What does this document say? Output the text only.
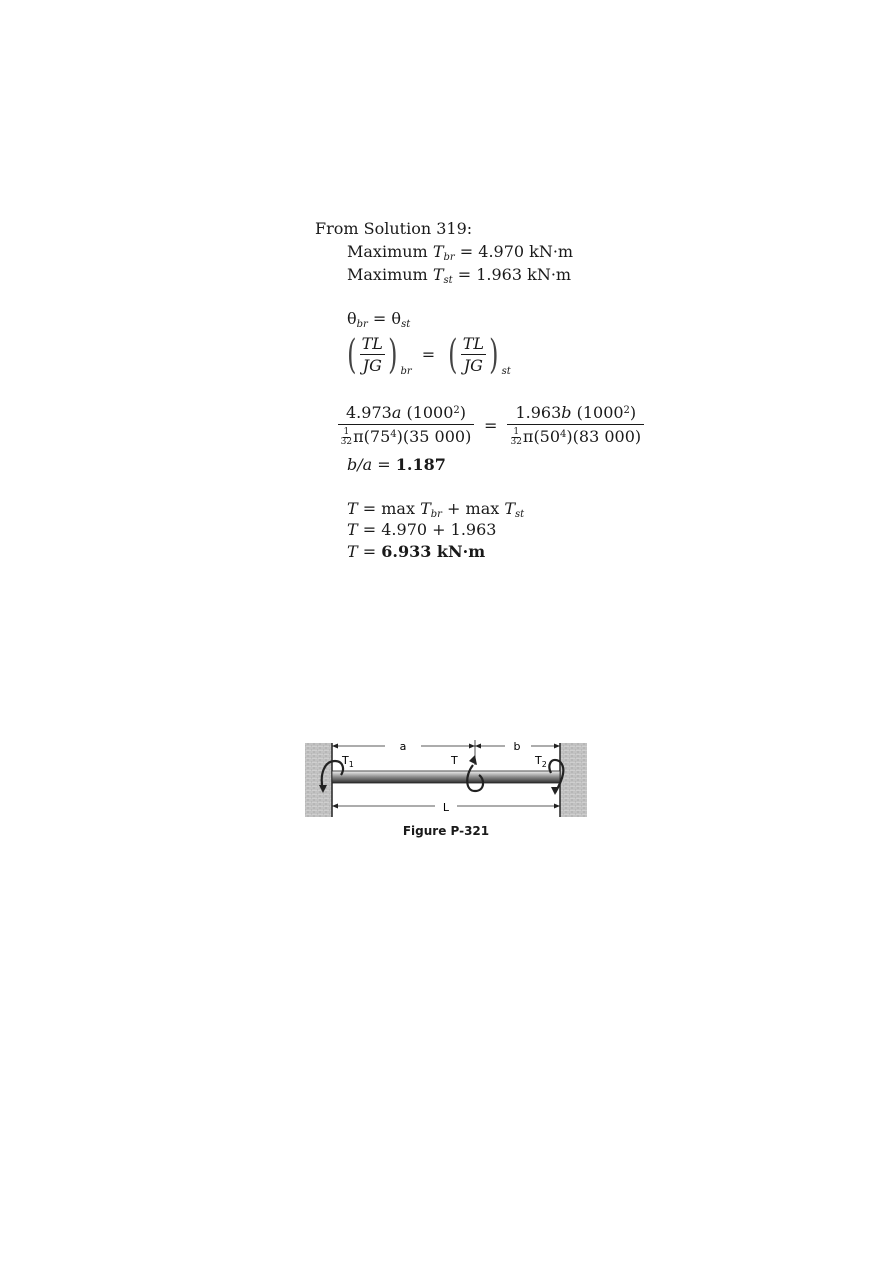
From Solution 319:
Maximum $T_{br} = 4.970$ kN·m
Maximum $T_{st} = 1.963$ kN·m
$\theta_{br} = \theta_{st}$
( $\frac{TL}{JG}$ ) $_{br}$
= ( $\frac{TL}{JG}$ ) $_{st}$
$\frac{4.973a (1000^2)}{\frac{1}{32} \pi(75^4)(35 000)} = \frac{1.963b (1000^2)}{\frac{1}{32} \pi(50^4)(83 000)}$
b/a = 1.187
$T = \max T_{br} + \max T_{st}$
T = 4.970 + 1.963
T = 6.933 kN·m
a	b
L
$T_1$	T	$T_2$
Figure P-321
